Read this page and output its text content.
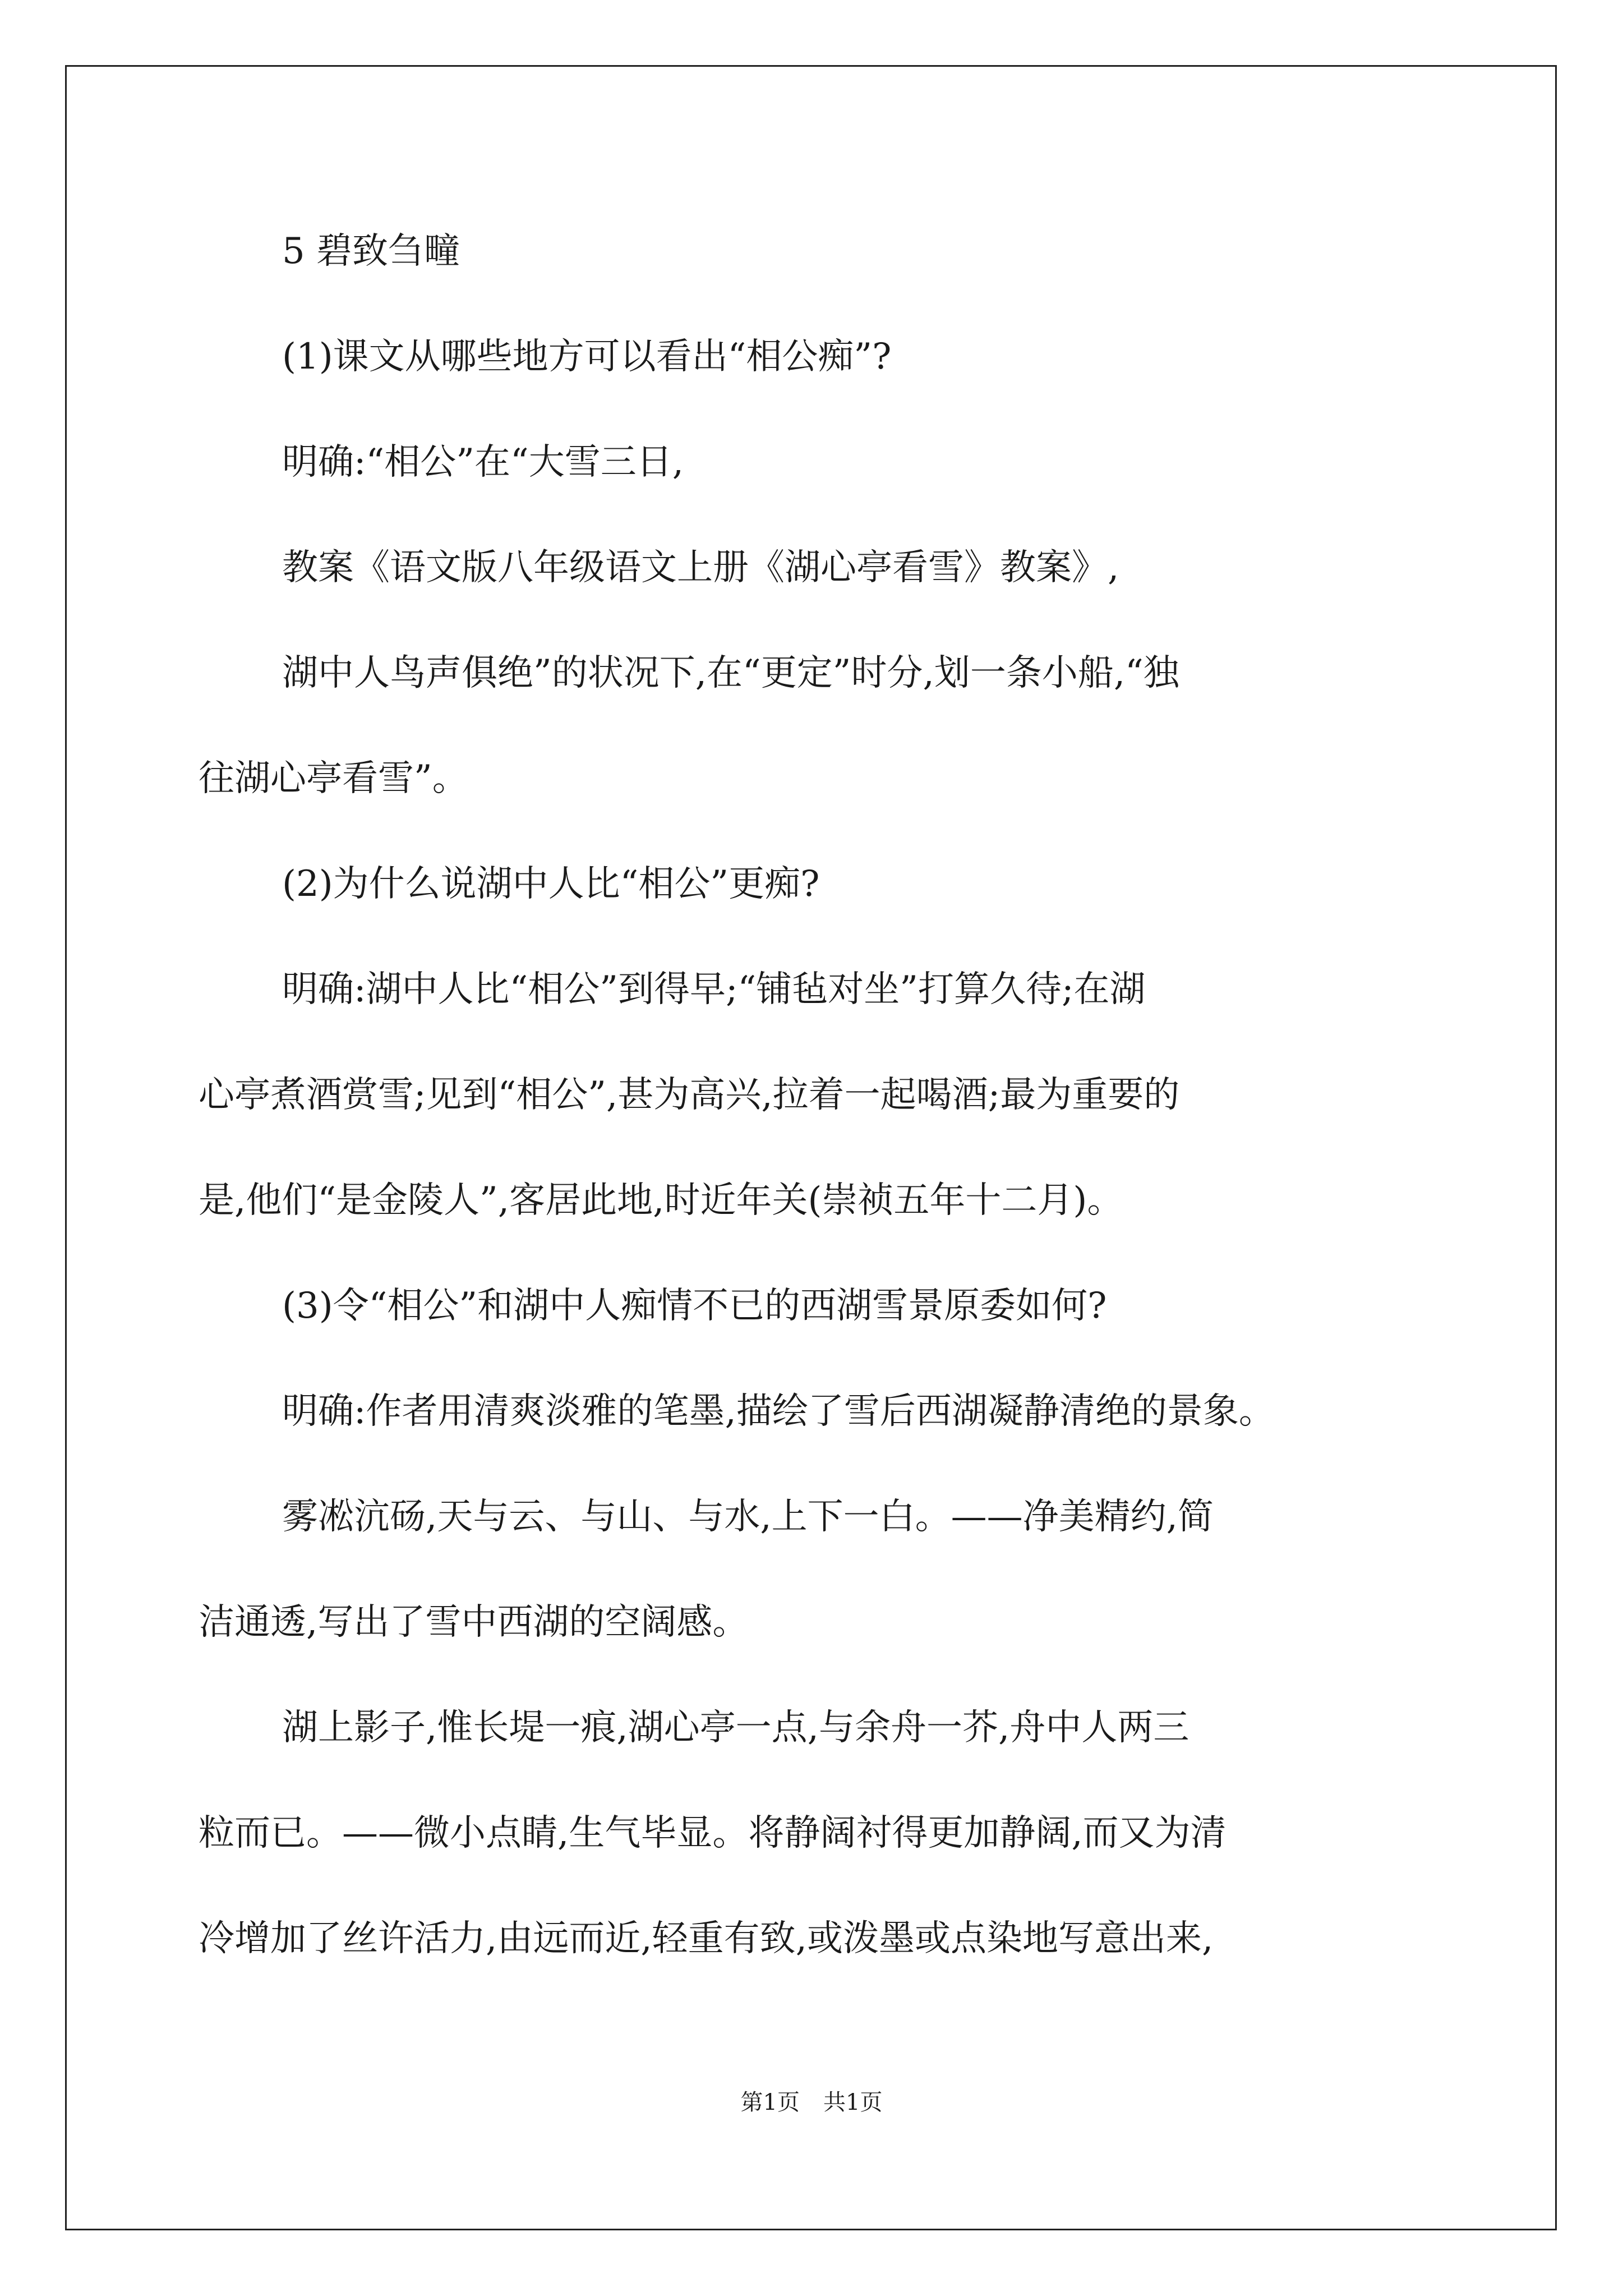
5 碧致刍疃

(1)课文从哪些地方可以看出“相公痴”?

明确:“相公”在“大雪三日,

教案《语文版八年级语文上册《湖心亭看雪》教案》,

湖中人鸟声俱绝”的状况下,在“更定”时分,划一条小船,“独

往湖心亭看雪”。

(2)为什么说湖中人比“相公”更痴?

明确:湖中人比“相公”到得早;“铺毡对坐”打算久待;在湖

心亭煮酒赏雪;见到“相公”,甚为高兴,拉着一起喝酒;最为重要的

是,他们“是金陵人”,客居此地,时近年关(崇祯五年十二月)。

(3)令“相公”和湖中人痴情不已的西湖雪景原委如何?

明确:作者用清爽淡雅的笔墨,描绘了雪后西湖凝静清绝的景象。

雾凇沆砀,天与云、与山、与水,上下一白。——净美精约,简

洁通透,写出了雪中西湖的空阔感。

湖上影子,惟长堤一痕,湖心亭一点,与余舟一芥,舟中人两三

粒而已。——微小点睛,生气毕显。将静阔衬得更加静阔,而又为清

冷增加了丝许活力,由远而近,轻重有致,或泼墨或点染地写意出来,

第1页 共1页
